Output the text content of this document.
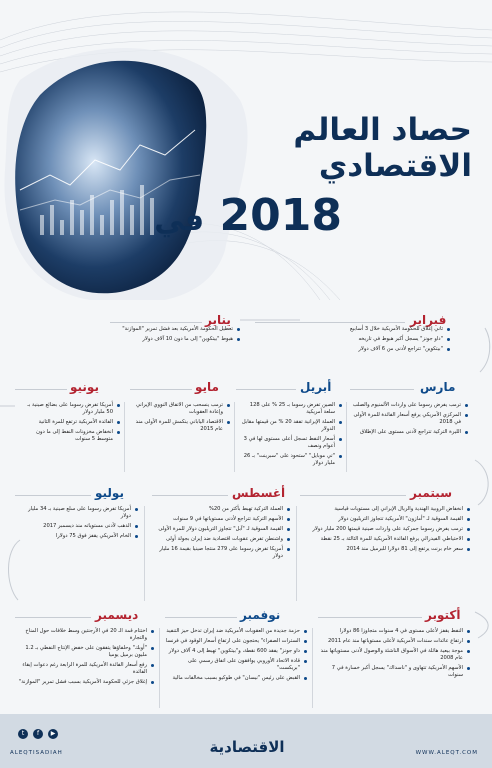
حصاد العالم الاقتصادي
2018 في
يناير
تعطيل الحكومة الأمريكية بعد فشل تمرير "الموازنة"
هبوط "بيتكوين" إلى ما دون 10 آلاف دولار
فبراير
ثاني إغلاق للحكومة الأمريكية خلال 3 أسابيع
"داو جونز" يسجل أكبر هبوط في تاريخه
"بيتكوين" تتراجع لأدنى من 6 آلاف دولار
مارس
ترمب يفرض رسوما على واردات الألمنيوم والصلب
المركزي الأمريكي يرفع أسعار الفائدة للمرة الأولى في 2018
الليرة التركية تتراجع لأدنى مستوى على الإطلاق
أبريل
الصين تفرض رسوما بـ 25 % على 128 سلعة أمريكية
العملة الإيرانية تفقد 20 % من قيمتها مقابل الدولار
أسعار النفط تسجل أعلى مستوى لها في 3 أعوام ونصف
"تي موبايل" "ستحوذ على "سبرينت" بـ 26 مليار دولار
مايو
ترمب ينسحب من الاتفاق النووي الإيراني وإعادة العقوبات
الاقتصاد الياباني ينكمش للمرة الأولى منذ عام 2015
يونيو
أمريكا تفرض رسوما على بضائع صينية بـ 50 مليار دولار
الفائدة الأمريكية ترتفع للمرة الثانية
انخفاض مخزونات النفط إلى ما دون متوسط 5 سنوات
يوليو
أمريكا تفرض رسوما على سلع صينية بـ 34 مليار دولار
الذهب لأدنى مستوياته منذ ديسمبر 2017
الخام الأمريكي يقفز فوق 75 دولارا
أغسطس
العملة التركية تهبط بأكثر من 20%
الأسهم التركية تتراجع لأدنى مستوياتها في 9 سنوات
القيمة السوقية لـ "آبل" تتجاوز التريليون دولار للمرة الأولى
واشنطن تفرض عقوبات اقتصادية ضد إيران بجولة أولى
أمريكا تفرض رسوما على 279 منتجا صينيا بقيمة 16 مليار دولار
سبتمبر
انخفاض الروبية الهندية والريال الإيراني إلى مستويات قياسية
القيمة السوقية لـ "أمازون" الأمريكية تتجاوز التريليون دولار
ترمب يفرض رسوما جمركية على واردات صينية قيمتها 200 مليار دولار
الاحتياطي الفيدرالي يرفع الفائدة الأمريكية للمرة الثالثة بـ 25 نقطة
سعر خام برنت يرتفع إلى 81 دولارا للبرميل منذ 2014
أكتوبر
النفط يقفز لأعلى مستوى في 4 سنوات متجاوزا 86 دولارا
ارتفاع عائدات سندات الأمريكية لأعلى مستوياتها منذ عام 2011
موجة بيعية هائلة في الأسواق الناشئة والوصول لأدنى مستوياتها منذ عام 2008
الأسهم الأمريكية تتهاوى و "ناسداك" يسجل أكبر خسارة في 7 سنوات
نوفمبر
حزمة جديدة من العقوبات الأمريكية ضد إيران تدخل حيز التنفيذ
السترات الصفراء" يحتجون على ارتفاع أسعار الوقود في فرنسا
داو جونز" يفقد 600 نقطة، و"بيتكوين" تهبط إلى 4 آلاف دولار
قادة الاتحاد الأوروبي يوافقون على اتفاق رسمي على "بريكست"
القبض على رئيس "نيسان" في طوكيو بسبب مخالفات مالية
ديسمبر
اختتام قمة الـ 20 في الأرجنتين وسط خلافات حول المناخ والتجارة
"أوبك" وحلفاؤها يتفقون على خفض الإنتاج النفطي بـ 1.2 مليون برميل يوميا
رفع أسعار الفائدة الأمريكية للمرة الرابعة رغم دعوات إبقاء الفائدة
إغلاق جزئي للحكومة الأمريكية بسبب فشل تمرير "الموازنة"
t	f	▶
ALEQTISADIAH	الاقتصادية	WWW.ALEQT.COM
